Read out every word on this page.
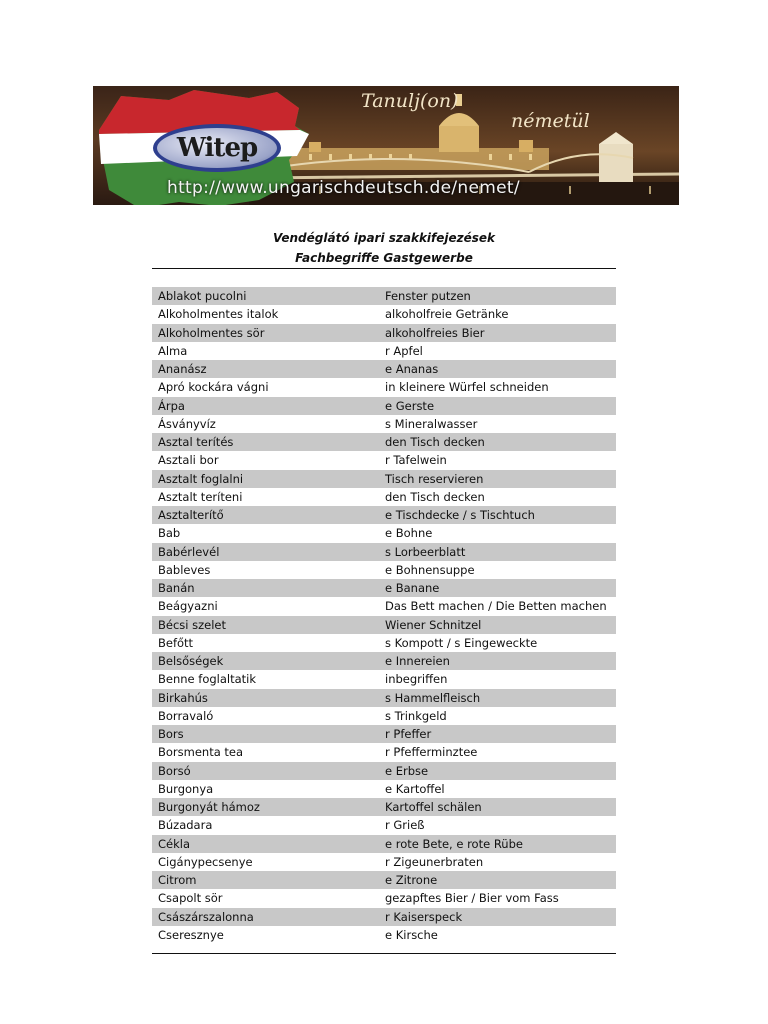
Witep
Tanulj(on)
németül
http://www.ungarischdeutsch.de/nemet/
Vendéglátó ipari szakkifejezések
Fachbegriffe Gastgewerbe
Ablakot pucolni	Fenster putzen
Alkoholmentes italok	alkoholfreie Getränke
Alkoholmentes sör	alkoholfreies Bier
Alma	r Apfel
Ananász	e Ananas
Apró kockára vágni	in kleinere Würfel schneiden
Árpa	e Gerste
Ásványvíz	s Mineralwasser
Asztal terítés	den Tisch decken
Asztali bor	r Tafelwein
Asztalt foglalni	Tisch reservieren
Asztalt teríteni	den Tisch decken
Asztalterítő	e Tischdecke / s Tischtuch
Bab	e Bohne
Babérlevél	s Lorbeerblatt
Bableves	e Bohnensuppe
Banán	e Banane
Beágyazni	Das Bett machen / Die Betten machen
Bécsi szelet	Wiener Schnitzel
Befőtt	s Kompott / s Eingeweckte
Belsőségek	e Innereien
Benne foglaltatik	inbegriffen
Birkahús	s Hammelfleisch
Borravaló	s Trinkgeld
Bors	r Pfeffer
Borsmenta tea	r Pfefferminztee
Borsó	e Erbse
Burgonya	e Kartoffel
Burgonyát hámoz	Kartoffel schälen
Búzadara	r Grieß
Cékla	e rote Bete, e rote Rübe
Cigánypecsenye	r Zigeunerbraten
Citrom	e Zitrone
Csapolt sör	gezapftes Bier / Bier vom Fass
Császárszalonna	r Kaiserspeck
Cseresznye	e Kirsche
